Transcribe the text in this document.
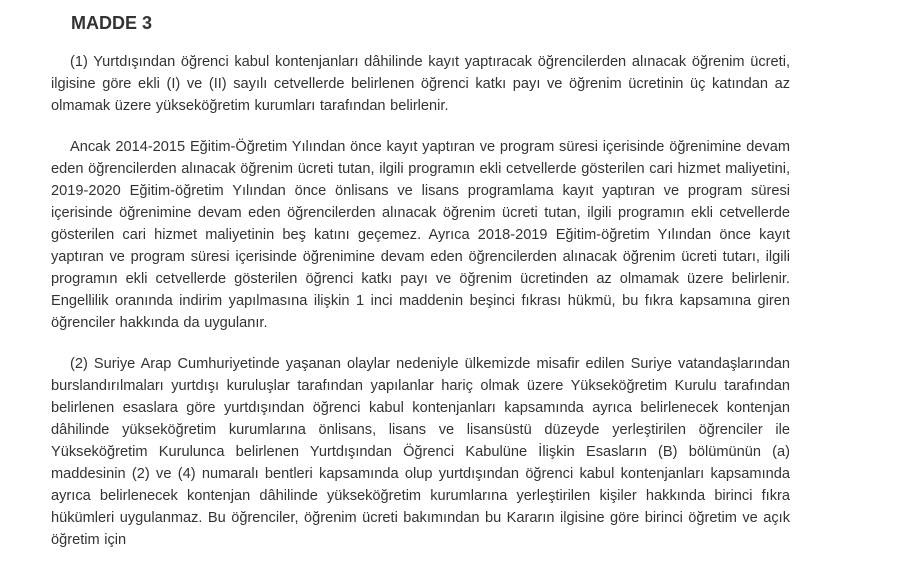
MADDE 3

(1) Yurtdışından öğrenci kabul kontenjanları dâhilinde kayıt yaptıracak öğrencilerden alınacak öğrenim ücreti, ilgisine göre ekli (I) ve (II) sayılı cetvellerde belirlenen öğrenci katkı payı ve öğrenim ücretinin üç katından az olmamak üzere yükseköğretim kurumları tarafından belirlenir.

Ancak 2014-2015 Eğitim-Öğretim Yılından önce kayıt yaptıran ve program süresi içerisinde öğrenimine devam eden öğrencilerden alınacak öğrenim ücreti tutan, ilgili programın ekli cetvellerde gösterilen cari hizmet maliyetini, 2019-2020 Eğitim-öğretim Yılından önce önlisans ve lisans programlama kayıt yaptıran ve program süresi içerisinde öğrenimine devam eden öğrencilerden alınacak öğrenim ücreti tutan, ilgili programın ekli cetvellerde gösterilen cari hizmet maliyetinin beş katını geçemez. Ayrıca 2018-2019 Eğitim-öğretim Yılından önce kayıt yaptıran ve program süresi içerisinde öğrenimine devam eden öğrencilerden alınacak öğrenim ücreti tutarı, ilgili programın ekli cetvellerde gösterilen öğrenci katkı payı ve öğrenim ücretinden az olmamak üzere belirlenir. Engellilik oranında indirim yapılmasına ilişkin 1 inci maddenin beşinci fıkrası hükmü, bu fıkra kapsamına giren öğrenciler hakkında da uygulanır.

(2) Suriye Arap Cumhuriyetinde yaşanan olaylar nedeniyle ülkemizde misafir edilen Suriye vatandaşlarından burslandırılmaları yurtdışı kuruluşlar tarafından yapılanlar hariç olmak üzere Yükseköğretim Kurulu tarafından belirlenen esaslara göre yurtdışından öğrenci kabul kontenjanları kapsamında ayrıca belirlenecek kontenjan dâhilinde yükseköğretim kurumlarına önlisans, lisans ve lisansüstü düzeyde yerleştirilen öğrenciler ile Yükseköğretim Kurulunca belirlenen Yurtdışından Öğrenci Kabulüne İlişkin Esasların (B) bölümünün (a) maddesinin (2) ve (4) numaralı bentleri kapsamında olup yurtdışından öğrenci kabul kontenjanları kapsamında ayrıca belirlenecek kontenjan dâhilinde yükseköğretim kurumlarına yerleştirilen kişiler hakkında birinci fıkra hükümleri uygulanmaz. Bu öğrenciler, öğrenim ücreti bakımından bu Kararın ilgisine göre birinci öğretim ve açık öğretim için
